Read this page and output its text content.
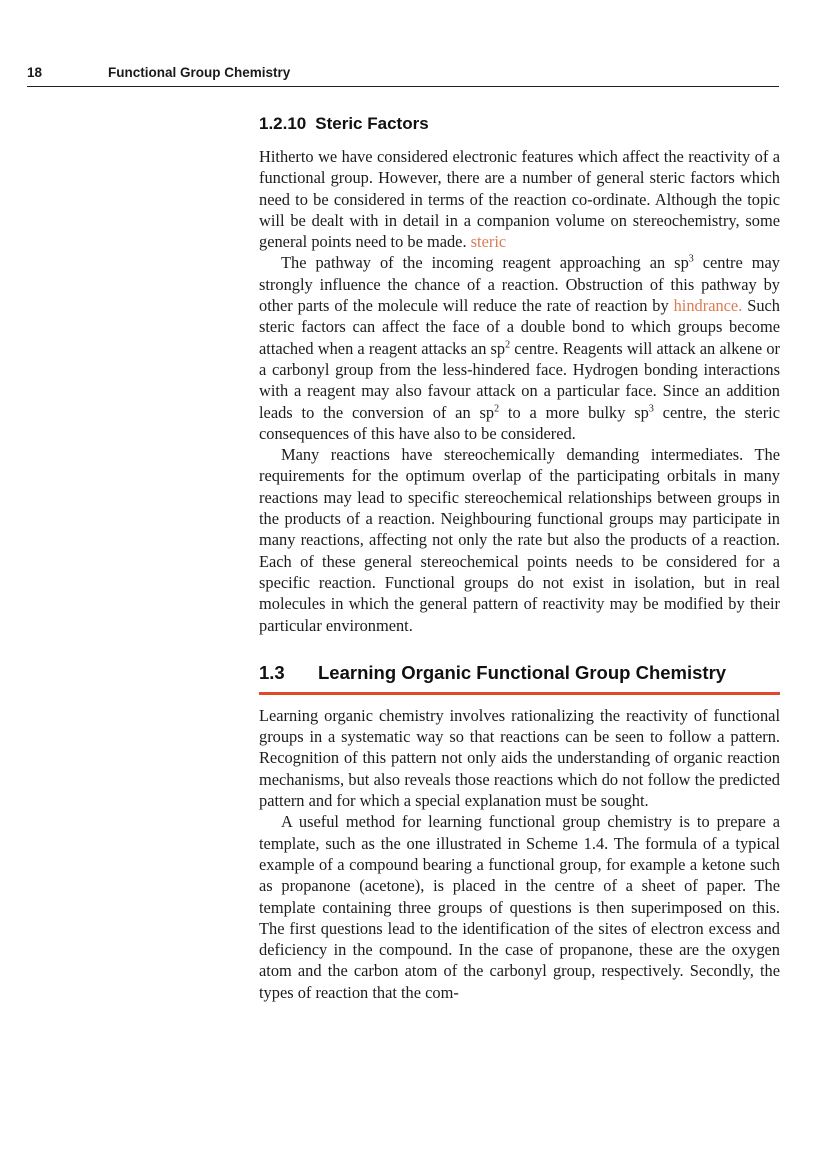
18	Functional Group Chemistry
1.2.10 Steric Factors

Hitherto we have considered electronic features which affect the reactivity of a functional group. However, there are a number of general steric factors which need to be considered in terms of the reaction co-ordinate. Although the topic will be dealt with in detail in a companion volume on stereochemistry, some general points need to be made. steric

The pathway of the incoming reagent approaching an $sp^3$ centre may strongly influence the chance of a reaction. Obstruction of this pathway by other parts of the molecule will reduce the rate of reaction by hindrance. Such steric factors can affect the face of a double bond to which groups become attached when a reagent attacks an $sp^2$ centre. Reagents will attack an alkene or a carbonyl group from the less-hindered face. Hydrogen bonding interactions with a reagent may also favour attack on a particular face. Since an addition leads to the conversion of an $sp^2$ to a more bulky $sp^3$ centre, the steric consequences of this have also to be considered.

Many reactions have stereochemically demanding intermediates. The requirements for the optimum overlap of the participating orbitals in many reactions may lead to specific stereochemical relationships between groups in the products of a reaction. Neighbouring functional groups may participate in many reactions, affecting not only the rate but also the products of a reaction. Each of these general stereochemical points needs to be considered for a specific reaction. Functional groups do not exist in isolation, but in real molecules in which the general pattern of reactivity may be modified by their particular environment.

1.3 Learning Organic Functional Group Chemistry

Learning organic chemistry involves rationalizing the reactivity of functional groups in a systematic way so that reactions can be seen to follow a pattern. Recognition of this pattern not only aids the understanding of organic reaction mechanisms, but also reveals those reactions which do not follow the predicted pattern and for which a special explanation must be sought.

A useful method for learning functional group chemistry is to prepare a template, such as the one illustrated in Scheme 1.4. The formula of a typical example of a compound bearing a functional group, for example a ketone such as propanone (acetone), is placed in the centre of a sheet of paper. The template containing three groups of questions is then superimposed on this. The first questions lead to the identification of the sites of electron excess and deficiency in the compound. In the case of propanone, these are the oxygen atom and the carbon atom of the carbonyl group, respectively. Secondly, the types of reaction that the com-
